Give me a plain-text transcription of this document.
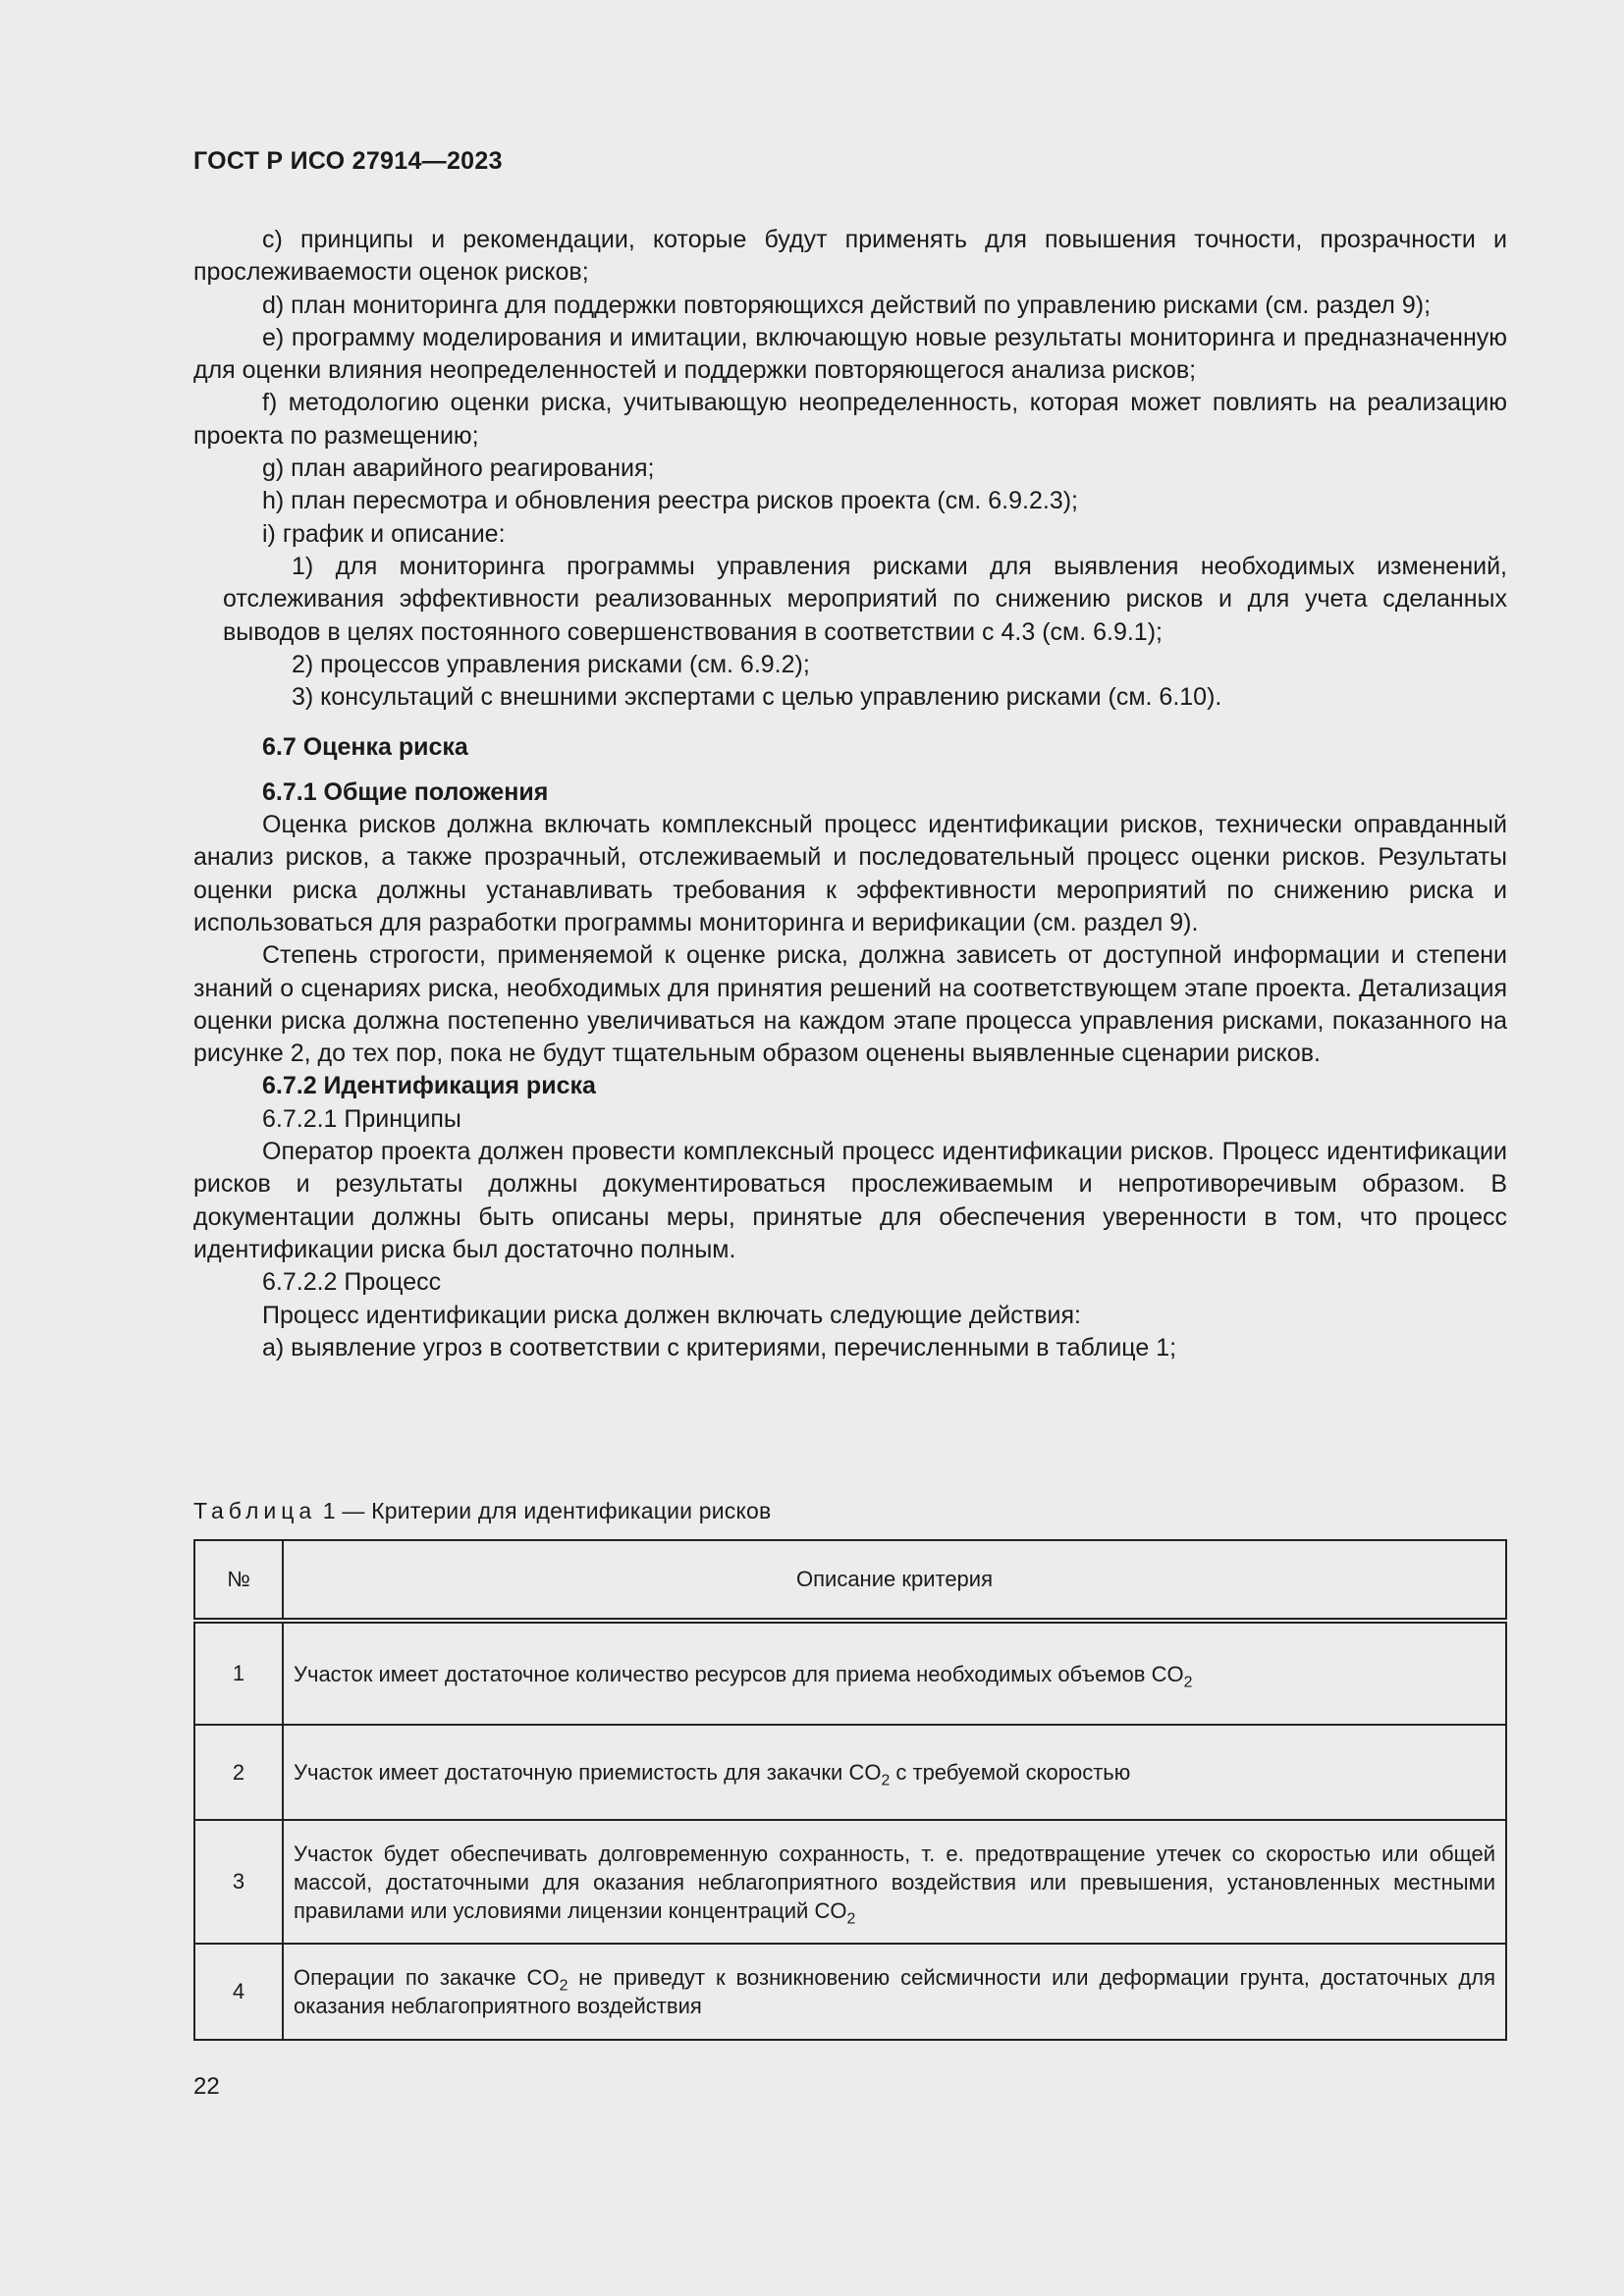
ГОСТ Р ИСО 27914—2023

c) принципы и рекомендации, которые будут применять для повышения точности, прозрачности и прослеживаемости оценок рисков;

d) план мониторинга для поддержки повторяющихся действий по управлению рисками (см. раздел 9);

e) программу моделирования и имитации, включающую новые результаты мониторинга и предназначенную для оценки влияния неопределенностей и поддержки повторяющегося анализа рисков;

f) методологию оценки риска, учитывающую неопределенность, которая может повлиять на реализацию проекта по размещению;

g) план аварийного реагирования;

h) план пересмотра и обновления реестра рисков проекта (см. 6.9.2.3);

i) график и описание:

1) для мониторинга программы управления рисками для выявления необходимых изменений, отслеживания эффективности реализованных мероприятий по снижению рисков и для учета сделанных выводов в целях постоянного совершенствования в соответствии с 4.3 (см. 6.9.1);

2) процессов управления рисками (см. 6.9.2);

3) консультаций с внешними экспертами с целью управлению рисками (см. 6.10).

6.7 Оценка риска

6.7.1 Общие положения

Оценка рисков должна включать комплексный процесс идентификации рисков, технически оправданный анализ рисков, а также прозрачный, отслеживаемый и последовательный процесс оценки рисков. Результаты оценки риска должны устанавливать требования к эффективности мероприятий по снижению риска и использоваться для разработки программы мониторинга и верификации (см. раздел 9).

Степень строгости, применяемой к оценке риска, должна зависеть от доступной информации и степени знаний о сценариях риска, необходимых для принятия решений на соответствующем этапе проекта. Детализация оценки риска должна постепенно увеличиваться на каждом этапе процесса управления рисками, показанного на рисунке 2, до тех пор, пока не будут тщательным образом оценены выявленные сценарии рисков.

6.7.2 Идентификация риска

6.7.2.1 Принципы

Оператор проекта должен провести комплексный процесс идентификации рисков. Процесс идентификации рисков и результаты должны документироваться прослеживаемым и непротиворечивым образом. В документации должны быть описаны меры, принятые для обеспечения уверенности в том, что процесс идентификации риска был достаточно полным.

6.7.2.2 Процесс

Процесс идентификации риска должен включать следующие действия:

a) выявление угроз в соответствии с критериями, перечисленными в таблице 1;

Таблица 1 — Критерии для идентификации рисков
№	Описание критерия
1	Участок имеет достаточное количество ресурсов для приема необходимых объемов $CO_2$
2	Участок имеет достаточную приемистость для закачки $CO_2$ с требуемой скоростью
3	Участок будет обеспечивать долговременную сохранность, т. е. предотвращение утечек со скоростью или общей массой, достаточными для оказания неблагоприятного воздействия или превышения, установленных местными правилами или условиями лицензии концентраций $CO_2$
4	Операции по закачке $CO_2$ не приведут к возникновению сейсмичности или деформации грунта, достаточных для оказания неблагоприятного воздействия
22
